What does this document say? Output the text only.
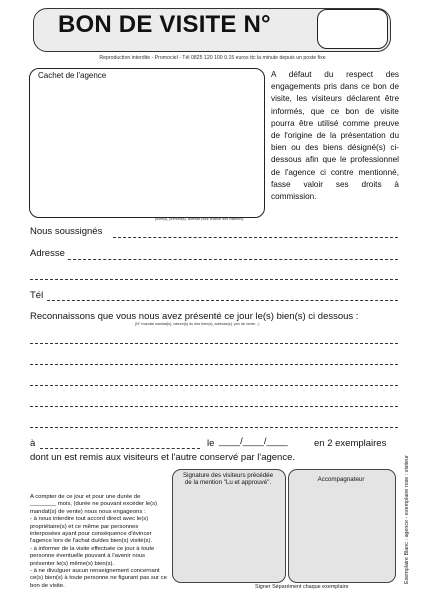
BON DE VISITE N°
Reproduction interdite - Promociel - Tél 0825 120 100 0.15 euros ttc la minute depuis un poste fixe
Cachet de l'agence
(nom(s), prénom(s), adresse pour chacun des visiteurs)
A défaut du respect des engagements pris dans ce bon de visite, les visiteurs déclarent être informés, que ce bon de visite pourra être utilisé comme preuve de l'origine de la présentation du bien ou des biens désigné(s) ci-dessous afin que le professionnel de l'agence ci contre mentionné, fasse valoir ses droits à commission.
Nous soussignés
Adresse
Tél
Reconnaissons que vous nous avez présenté ce jour le(s) bien(s) ci dessous :
(N° mandat mandat(s), nature(s) du des bien(s), adresse(s), prix de vente...)
à	le ____/____/____	en 2 exemplaires
dont un est remis aux visiteurs et l'autre conservé par l'agence.
A compter de ce jour et pour une durée de ________ mois, (durée ne pouvant excéder le(s) mandat(s) de vente) nous nous engageons :
- à nous interdire tout accord direct avec le(s) propriétaire(s) et ce même par personnes interposées ayant pour conséquence d'évincer l'agence lors de l'achat du/des bien(s) visité(s).
- à informer de la visite effectuée ce jour à toute personne éventuelle pouvant à l'avenir nous présenter le(s) même(s) bien(s).
- à ne divulguer aucun renseignement concernant ce(s) bien(s) à toute personne ne figurant pas sur ce bon de visite.
Signature des visiteurs précédée de la mention "Lu et approuvé".	Accompagnateur
Signer Séparément chaque exemplaire
Exemplaire Blanc : agence - exemplaire rose : visiteur
